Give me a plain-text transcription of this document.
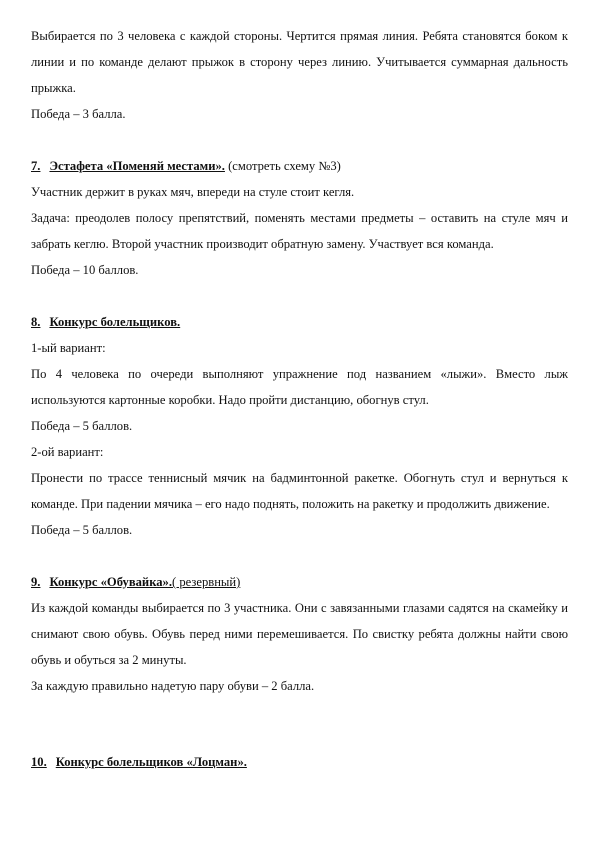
Выбирается по 3 человека с каждой стороны. Чертится прямая линия. Ребята становятся боком к линии и по команде делают прыжок в сторону через линию. Учитывается суммарная дальность прыжка.
Победа – 3 балла.
7. Эстафета «Поменяй местами». (смотреть схему №3)
Участник держит в руках мяч, впереди на стуле стоит кегля.
Задача: преодолев полосу препятствий, поменять местами предметы – оставить на стуле мяч и забрать кеглю. Второй участник производит обратную замену. Участвует вся команда.
Победа – 10 баллов.
8. Конкурс болельщиков.
1-ый вариант:
По 4 человека по очереди выполняют упражнение под названием «лыжи». Вместо лыж используются картонные коробки. Надо пройти дистанцию, обогнув стул.
Победа – 5 баллов.
2-ой вариант:
Пронести по трассе теннисный мячик на бадминтонной ракетке. Обогнуть стул и вернуться к команде. При падении мячика – его надо поднять, положить на ракетку и продолжить движение.
Победа – 5 баллов.
9. Конкурс «Обувайка».( резервный)
Из каждой команды выбирается по 3 участника. Они с завязанными глазами садятся на скамейку и снимают свою обувь. Обувь перед ними перемешивается. По свистку ребята должны найти свою обувь и обуться за 2 минуты.
За каждую правильно надетую пару обуви – 2 балла.
10. Конкурс болельщиков «Лоцман».
